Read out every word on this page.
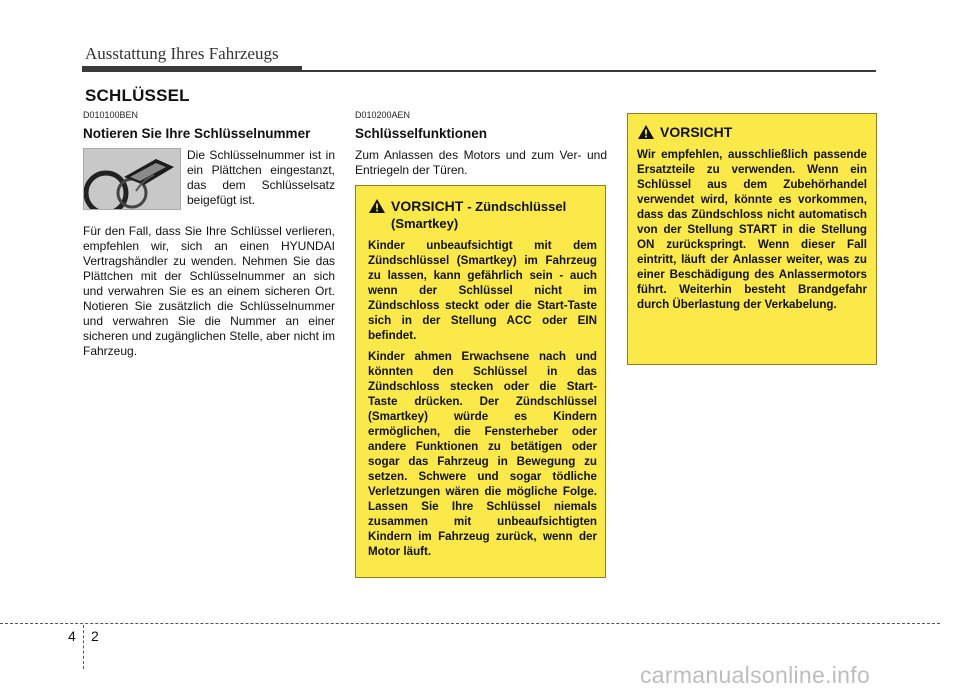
Ausstattung Ihres Fahrzeugs
SCHLÜSSEL

D010100BEN

Notieren Sie Ihre Schlüsselnummer

Die Schlüsselnummer ist in ein Plättchen eingestanzt, das dem Schlüsselsatz beigefügt ist.

Für den Fall, dass Sie Ihre Schlüssel verlieren, empfehlen wir, sich an einen HYUNDAI Vertragshändler zu wenden. Nehmen Sie das Plättchen mit der Schlüsselnummer an sich und verwahren Sie es an einem sicheren Ort. Notieren Sie zusätzlich die Schlüsselnummer und verwahren Sie die Nummer an einer sicheren und zugänglichen Stelle, aber nicht im Fahrzeug.

D010200AEN

Schlüsselfunktionen

Zum Anlassen des Motors und zum Ver- und Entriegeln der Türen.

VORSICHT - Zündschlüssel (Smartkey)

Kinder unbeaufsichtigt mit dem Zündschlüssel (Smartkey) im Fahrzeug zu lassen, kann gefährlich sein - auch wenn der Schlüssel nicht im Zündschloss steckt oder die Start-Taste sich in der Stellung ACC oder EIN befindet.

Kinder ahmen Erwachsene nach und könnten den Schlüssel in das Zündschloss stecken oder die Start-Taste drücken. Der Zündschlüssel (Smartkey) würde es Kindern ermöglichen, die Fensterheber oder andere Funktionen zu betätigen oder sogar das Fahrzeug in Bewegung zu setzen. Schwere und sogar tödliche Verletzungen wären die mögliche Folge. Lassen Sie Ihre Schlüssel niemals zusammen mit unbeaufsichtigten Kindern im Fahrzeug zurück, wenn der Motor läuft.

VORSICHT

Wir empfehlen, ausschließlich passende Ersatzteile zu verwenden. Wenn ein Schlüssel aus dem Zubehörhandel verwendet wird, könnte es vorkommen, dass das Zündschloss nicht automatisch von der Stellung START in die Stellung ON zurückspringt. Wenn dieser Fall eintritt, läuft der Anlasser weiter, was zu einer Beschädigung des Anlassermotors führt. Weiterhin besteht Brandgefahr durch Überlastung der Verkabelung.

4 2
carmanualsonline.info
